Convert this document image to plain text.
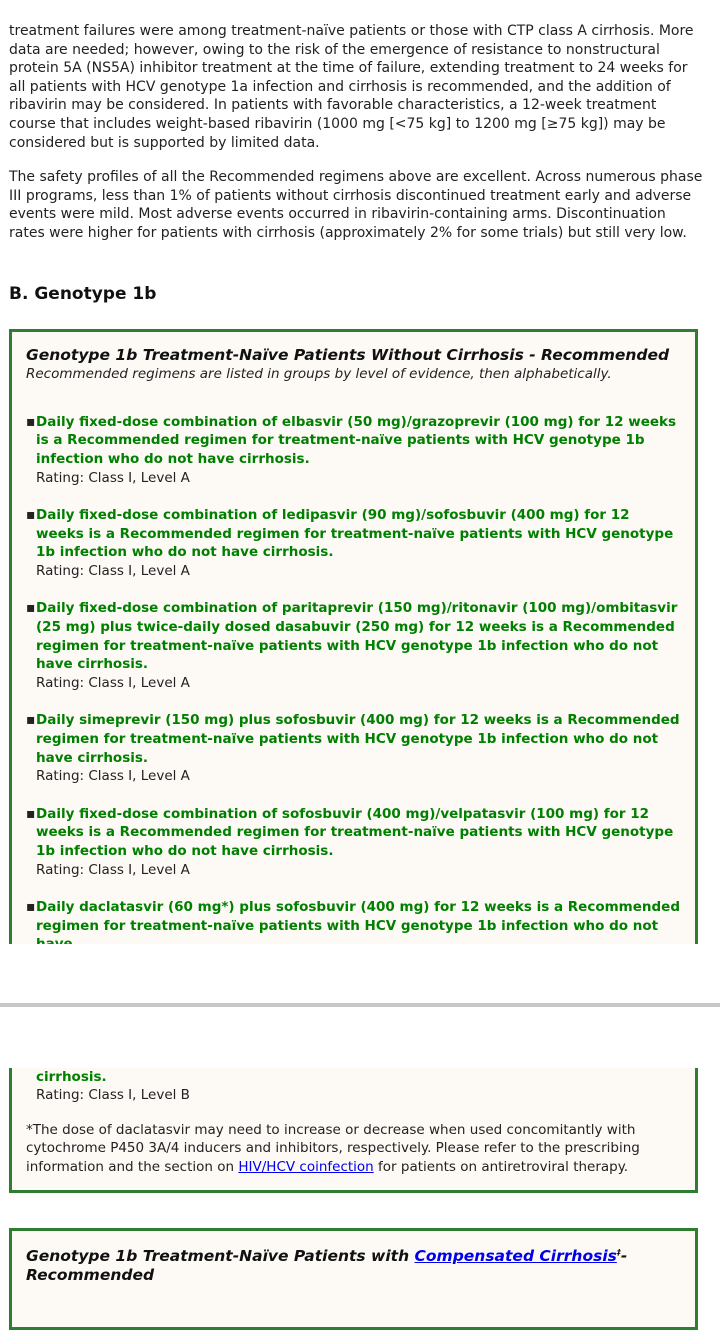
treatment failures were among treatment-naïve patients or those with CTP class A cirrhosis. More data are needed; however, owing to the risk of the emergence of resistance to nonstructural protein 5A (NS5A) inhibitor treatment at the time of failure, extending treatment to 24 weeks for all patients with HCV genotype 1a infection and cirrhosis is recommended, and the addition of ribavirin may be considered. In patients with favorable characteristics, a 12-week treatment course that includes weight-based ribavirin (1000 mg [<75 kg] to 1200 mg [≥75 kg]) may be considered but is supported by limited data.

The safety profiles of all the Recommended regimens above are excellent. Across numerous phase III programs, less than 1% of patients without cirrhosis discontinued treatment early and adverse events were mild. Most adverse events occurred in ribavirin-containing arms. Discontinuation rates were higher for patients with cirrhosis (approximately 2% for some trials) but still very low.

B. Genotype 1b

Genotype 1b Treatment-Naïve Patients Without Cirrhosis - Recommended

Recommended regimens are listed in groups by level of evidence, then alphabetically.

▪ Daily fixed-dose combination of elbasvir (50 mg)/grazoprevir (100 mg) for 12 weeks is a Recommended regimen for treatment-naïve patients with HCV genotype 1b infection who do not have cirrhosis.
Rating: Class I, Level A
▪ Daily fixed-dose combination of ledipasvir (90 mg)/sofosbuvir (400 mg) for 12 weeks is a Recommended regimen for treatment-naïve patients with HCV genotype 1b infection who do not have cirrhosis.
Rating: Class I, Level A
▪ Daily fixed-dose combination of paritaprevir (150 mg)/ritonavir (100 mg)/ombitasvir (25 mg) plus twice-daily dosed dasabuvir (250 mg) for 12 weeks is a Recommended regimen for treatment-naïve patients with HCV genotype 1b infection who do not have cirrhosis.
Rating: Class I, Level A
▪ Daily simeprevir (150 mg) plus sofosbuvir (400 mg) for 12 weeks is a Recommended regimen for treatment-naïve patients with HCV genotype 1b infection who do not have cirrhosis.
Rating: Class I, Level A
▪ Daily fixed-dose combination of sofosbuvir (400 mg)/velpatasvir (100 mg) for 12 weeks is a Recommended regimen for treatment-naïve patients with HCV genotype 1b infection who do not have cirrhosis.
Rating: Class I, Level A
▪ Daily daclatasvir (60 mg*) plus sofosbuvir (400 mg) for 12 weeks is a Recommended regimen for treatment-naïve patients with HCV genotype 1b infection who do not
cirrhosis.
Rating: Class I, Level B

*The dose of daclatasvir may need to increase or decrease when used concomitantly with cytochrome P450 3A/4 inducers and inhibitors, respectively. Please refer to the prescribing information and the section on HIV/HCV coinfection for patients on antiretroviral therapy.

Genotype 1b Treatment-Naïve Patients with Compensated Cirrhosis‡- Recommended
